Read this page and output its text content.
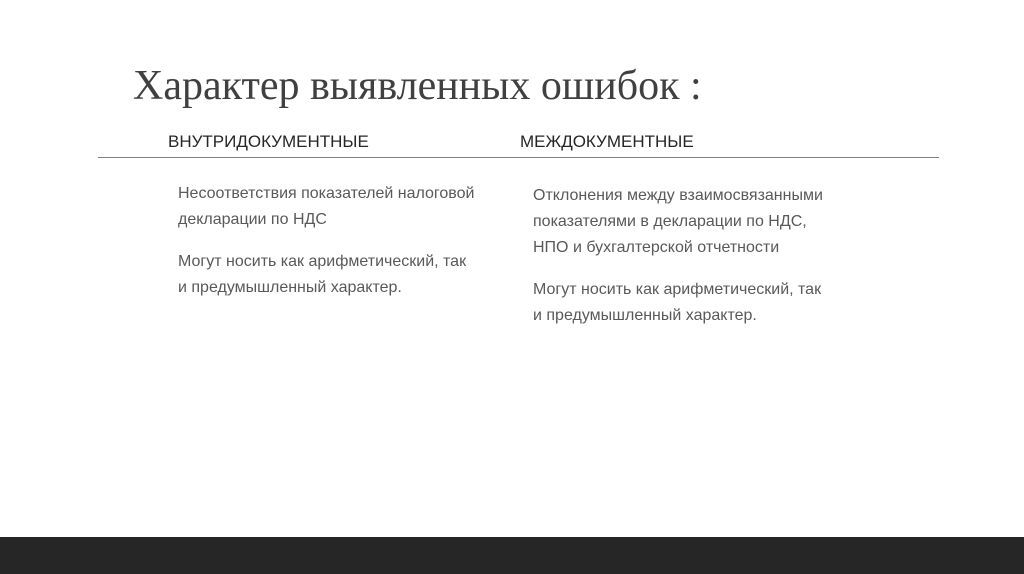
Характер выявленных ошибок :
ВНУТРИДОКУМЕНТНЫЕ	МЕЖДОКУМЕНТНЫЕ

Несоответствия показателей налоговой декларации по НДС

Могут носить как арифметический, так и предумышленный характер.

Отклонения между взаимосвязанными показателями в декларации по НДС, НПО и бухгалтерской отчетности

Могут носить как арифметический, так и предумышленный характер.
